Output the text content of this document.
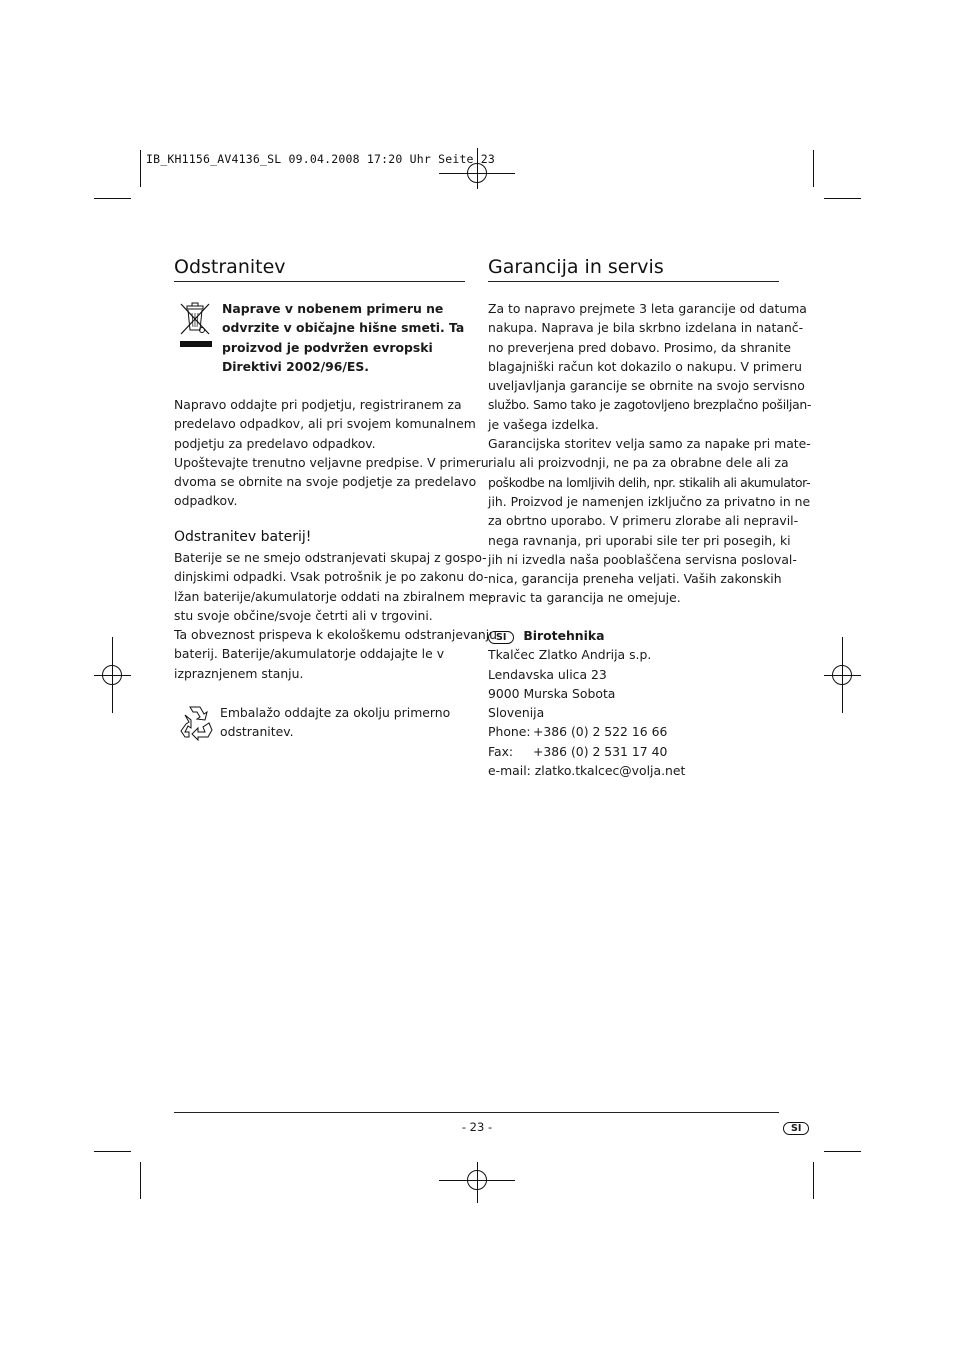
IB_KH1156_AV4136_SL 09.04.2008 17:20 Uhr Seite 23
Odstranitev
Naprave v nobenem primeru ne
odvrzite v običajne hišne smeti. Ta
proizvod je podvržen evropski
Direktivi 2002/96/ES.
Napravo oddajte pri podjetju, registriranem za
predelavo odpadkov, ali pri svojem komunalnem
podjetju za predelavo odpadkov.
Upoštevajte trenutno veljavne predpise. V primeru
dvoma se obrnite na svoje podjetje za predelavo
odpadkov.
Odstranitev baterij!
Baterije se ne smejo odstranjevati skupaj z gospo-
dinjskimi odpadki. Vsak potrošnik je po zakonu do-
lžan baterije/akumulatorje oddati na zbiralnem me-
stu svoje občine/svoje četrti ali v trgovini.
Ta obveznost prispeva k ekološkemu odstranjevanju
baterij. Baterije/akumulatorje oddajajte le v
izpraznjenem stanju.
Embalažo oddajte za okolju primerno
odstranitev.
Garancija in servis
Za to napravo prejmete 3 leta garancije od datuma
nakupa. Naprava je bila skrbno izdelana in natanč-
no preverjena pred dobavo. Prosimo, da shranite
blagajniški račun kot dokazilo o nakupu. V primeru
uveljavljanja garancije se obrnite na svojo servisno
službo. Samo tako je zagotovljeno brezplačno pošiljan-
je vašega izdelka.
Garancijska storitev velja samo za napake pri mate-
rialu ali proizvodnji, ne pa za obrabne dele ali za
poškodbe na lomljivih delih, npr. stikalih ali akumulator-
jih. Proizvod je namenjen izključno za privatno in ne
za obrtno uporabo. V primeru zlorabe ali nepravil-
nega ravnanja, pri uporabi sile ter pri posegih, ki
jih ni izvedla naša pooblaščena servisna posloval-
nica, garancija preneha veljati. Vaših zakonskih
pravic ta garancija ne omejuje.
SI Birotehnika
Tkalčec Zlatko Andrija s.p.
Lendavska ulica 23
9000 Murska Sobota
Slovenija
Phone: +386 (0) 2 522 16 66
Fax: +386 (0) 2 531 17 40
e-mail: zlatko.tkalcec@volja.net
- 23 -	SI
